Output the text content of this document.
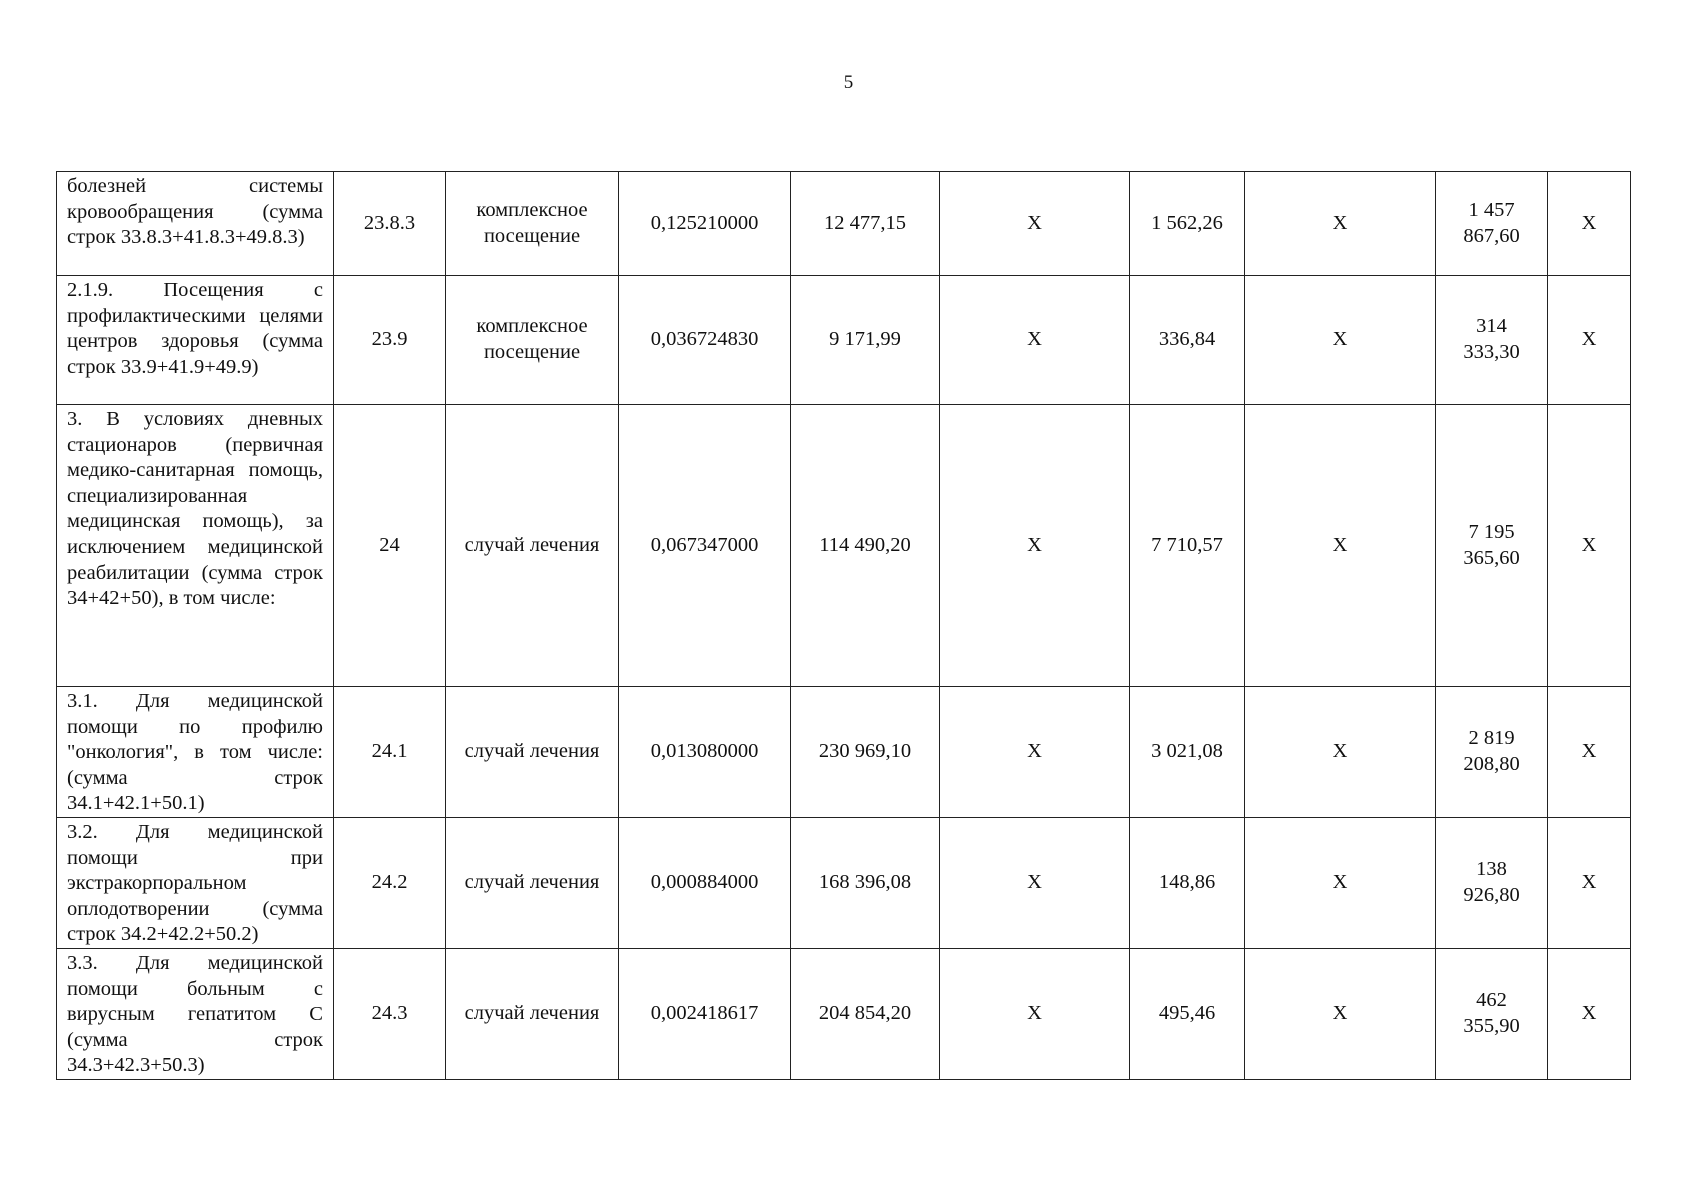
5
болезней системы кровообращения (сумма строк 33.8.3+41.8.3+49.8.3)	23.8.3	комплексное посещение	0,125210000	12 477,15	Х	1 562,26	Х	1 457 867,60	Х

2.1.9. Посещения с профилактическими целями центров здоровья (сумма строк 33.9+41.9+49.9)	23.9	комплексное посещение	0,036724830	9 171,99	Х	336,84	Х	314 333,30	Х

3. В условиях дневных стационаров (первичная медико-санитарная помощь, специализированная медицинская помощь), за исключением медицинской реабилитации (сумма строк 34+42+50), в том числе:	24	случай лечения	0,067347000	114 490,20	Х	7 710,57	Х	7 195 365,60	Х

3.1. Для медицинской помощи по профилю "онкология", в том числе: (сумма строк 34.1+42.1+50.1)	24.1	случай лечения	0,013080000	230 969,10	Х	3 021,08	Х	2 819 208,80	Х

3.2. Для медицинской помощи при экстракорпоральном оплодотворении (сумма строк 34.2+42.2+50.2)	24.2	случай лечения	0,000884000	168 396,08	Х	148,86	Х	138 926,80	Х

3.3. Для медицинской помощи больным с вирусным гепатитом С (сумма строк 34.3+42.3+50.3)	24.3	случай лечения	0,002418617	204 854,20	Х	495,46	Х	462 355,90	Х
